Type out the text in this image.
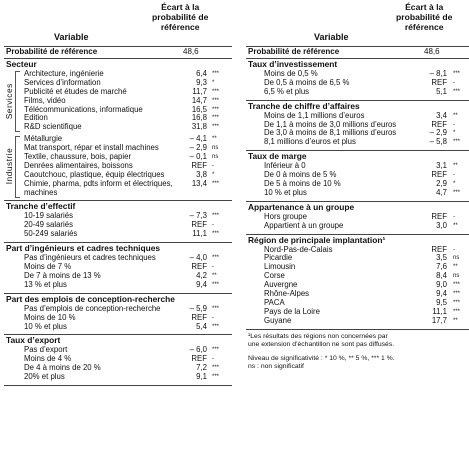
Variable
Écart à la
probabilité de
référence
Probabilité de référence	48,6
Secteur
Architecture, ingénierie	6,4 ***
Services d’information	9,3 *
Publicité et études de marché	11,7 ***
Films, vidéo	14,7 ***
Télécommunications, informatique	16,5 ***
Edition	16,8 ***
R&D scientifique	31,8 ***
Services
Métallurgie	– 4,1 **
Mat transport, répar et install machines	– 2,9 ns
Textile, chaussure, bois, papier	– 0,1 ns
Denrées alimentaires, boissons	REF -
Caoutchouc, plastique, équip électriques	3,8 *
Chimie, pharma, pdts inform et électriques, machines
13,4 ***
Industrie
Tranche d’effectif
10-19 salariés	– 7,3 ***
20-49 salariés	REF -
50-249 salariés	11,1 ***
Part d’ingénieurs et cadres techniques
Pas d’ingénieurs et cadres techniques	– 4,0 ***
Moins de 7 %	REF -
De 7 à moins de 13 %	4,2 **
13 % et plus	9,4 ***
Part des emplois de conception-recherche
Pas d’emplois de conception-recherche	– 5,9 ***
Moins de 10 %	REF -
10 % et plus	5,4 ***
Taux d’export
Pas d’export	– 6,0 ***
Moins de 4 %	REF -
De 4 à moins de 20 %	7,2 ***
20% et plus	9,1 ***
Variable
Écart à la
probabilité de
référence
Probabilité de référence	48,6
Taux d’investissement
Moins de 0,5 %	– 8,1 ***
De 0,5 à moins de 6,5 %	REF -
6,5 % et plus	5,1 ***
Tranche de chiffre d’affaires
Moins de 1,1 millions d’euros	3,4 **
De 1,1 à moins de 3,0 millions d’euros	REF -
De 3,0 à moins de 8,1 millions d’euros	– 2,9 *
8,1 millions d’euros et plus	– 5,8 ***
Taux de marge
Inférieur à 0	3,1 **
De 0 à moins de 5 %	REF -
De 5 à moins de 10 %	2,9 *
10 % et plus	4,7 ***
Appartenance à un groupe
Hors groupe	REF -
Appartient à un groupe	3,0 **
Région de principale implantation¹
Nord-Pas-de-Calais	REF -
Picardie	3,5 ns
Limousin	7,6 **
Corse	8,4 ns
Auvergne	9,0 ***
Rhône-Alpes	9,4 ***
PACA	9,5 ***
Pays de la Loire	11,1 ***
Guyane	17,7 **
¹Les résultats des régions non concernées par
une extension d’échantillon ne sont pas diffusés.
Niveau de significativité : * 10 %, ** 5 %, *** 1 %.
ns : non significatif
